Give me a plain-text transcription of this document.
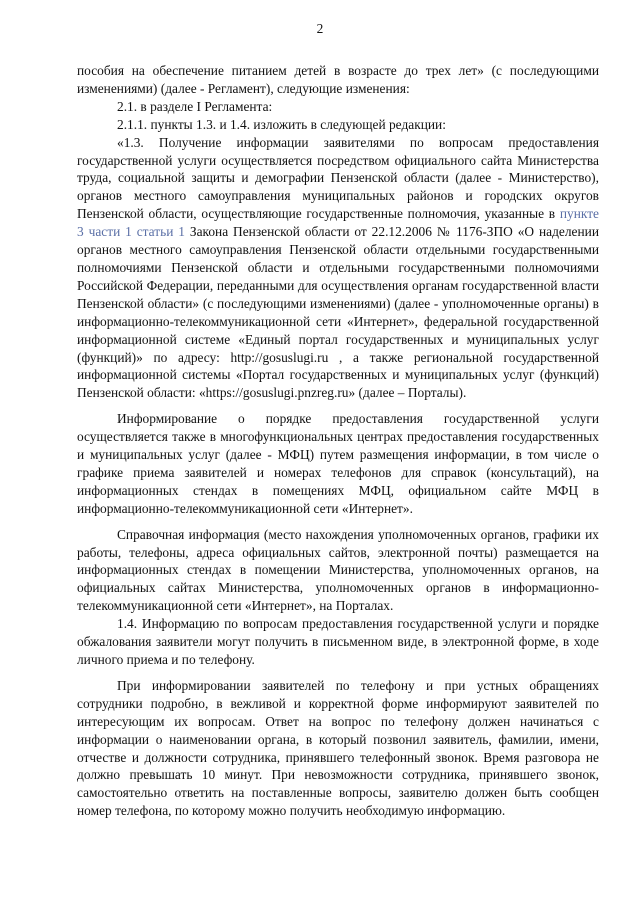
2

пособия на обеспечение питанием детей в возрасте до трех лет» (с последующими изменениями) (далее - Регламент), следующие изменения:

2.1. в разделе I Регламента:

2.1.1. пункты 1.3. и 1.4. изложить в следующей редакции:

«1.3. Получение информации заявителями по вопросам предоставления государственной услуги осуществляется посредством официального сайта Министерства труда, социальной защиты и демографии Пензенской области (далее - Министерство), органов местного самоуправления муниципальных районов и городских округов Пензенской области, осуществляющие государственные полномочия, указанные в пункте 3 части 1 статьи 1 Закона Пензенской области от 22.12.2006 № 1176-ЗПО «О наделении органов местного самоуправления Пензенской области отдельными государственными полномочиями Пензенской области и отдельными государственными полномочиями Российской Федерации, переданными для осуществления органам государственной власти Пензенской области» (с последующими изменениями) (далее - уполномоченные органы) в информационно-телекоммуникационной сети «Интернет», федеральной государственной информационной системе «Единый портал государственных и муниципальных услуг (функций)» по адресу: http://gosuslugi.ru , а также региональной государственной информационной системы «Портал государственных и муниципальных услуг (функций) Пензенской области: «https://gosuslugi.pnzreg.ru» (далее – Порталы).

Информирование о порядке предоставления государственной услуги осуществляется также в многофункциональных центрах предоставления государственных и муниципальных услуг (далее - МФЦ) путем размещения информации, в том числе о графике приема заявителей и номерах телефонов для справок (консультаций), на информационных стендах в помещениях МФЦ, официальном сайте МФЦ в информационно-телекоммуникационной сети «Интернет».

Справочная информация (место нахождения уполномоченных органов, графики их работы, телефоны, адреса официальных сайтов, электронной почты) размещается на информационных стендах в помещении Министерства, уполномоченных органов, на официальных сайтах Министерства, уполномоченных органов в информационно-телекоммуникационной сети «Интернет», на Порталах.

1.4. Информацию по вопросам предоставления государственной услуги и порядке обжалования заявители могут получить в письменном виде, в электронной форме, в ходе личного приема и по телефону.

При информировании заявителей по телефону и при устных обращениях сотрудники подробно, в вежливой и корректной форме информируют заявителей по интересующим их вопросам. Ответ на вопрос по телефону должен начинаться с информации о наименовании органа, в который позвонил заявитель, фамилии, имени, отчестве и должности сотрудника, принявшего телефонный звонок. Время разговора не должно превышать 10 минут. При невозможности сотрудника, принявшего звонок, самостоятельно ответить на поставленные вопросы, заявителю должен быть сообщен номер телефона, по которому можно получить необходимую информацию.
